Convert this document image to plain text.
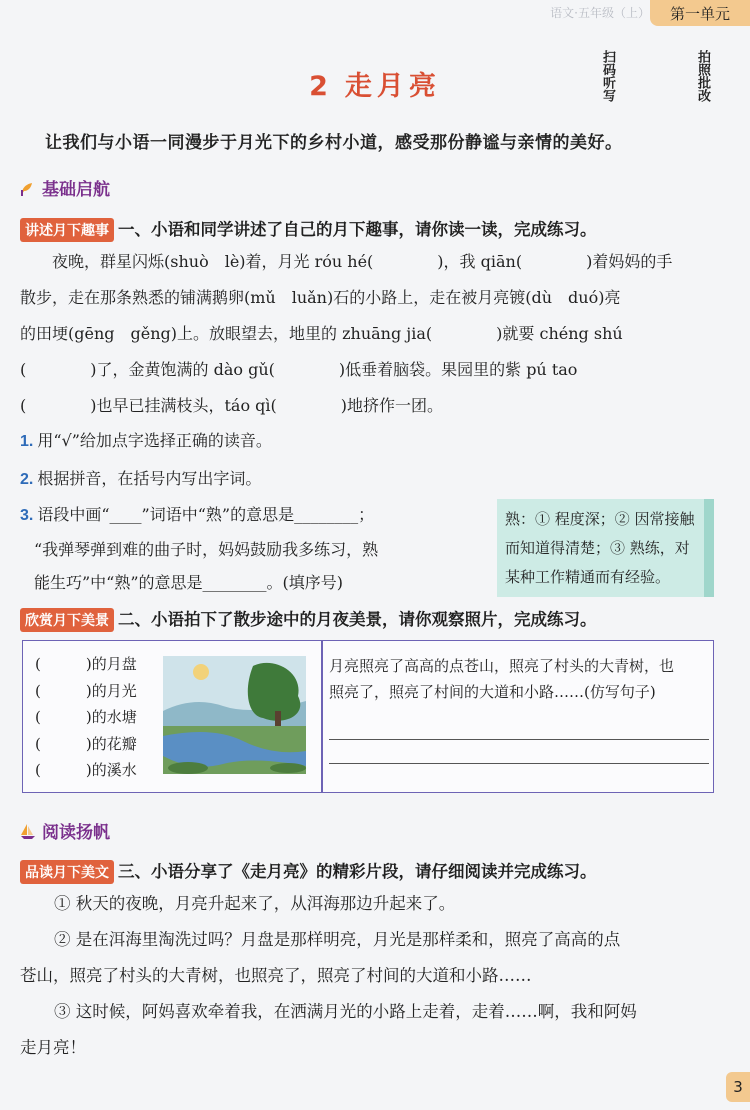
语文·五年级（上）	第一单元
扫码听写	拍照批改
2 走月亮
让我们与小语一同漫步于月光下的乡村小道，感受那份静谧与亲情的美好。
基础启航
讲述月下趣事 一、小语和同学讲述了自己的月下趣事，请你读一读，完成练习。
夜晚，群星闪烁(shuò　lè)着，月光 róu hé(　　　　)，我 qiān(　　　　)着妈妈的手
散步，走在那条熟悉的铺满鹅卵(mǔ　luǎn)石的小路上，走在被月亮镀(dù　duó)亮
的田埂(gēng　gěng)上。放眼望去，地里的 zhuāng jia(　　　　)就要 chéng shú
(　　　　)了，金黄饱满的 dào gǔ(　　　　)低垂着脑袋。果园里的紫 pú tao
(　　　　)也早已挂满枝头，táo qì(　　　　)地挤作一团。
1. 用“√”给加点字选择正确的读音。
2. 根据拼音，在括号内写出字词。
3. 语段中画“____”词语中“熟”的意思是________；
“我弹琴弹到难的曲子时，妈妈鼓励我多练习，熟
能生巧”中“熟”的意思是________。(填序号)
熟：① 程度深；② 因常接触而知道得清楚；③ 熟练，对某种工作精通而有经验。
欣赏月下美景 二、小语拍下了散步途中的月夜美景，请你观察照片，完成练习。
(　　　)的月盘
(　　　)的月光
(　　　)的水塘
(　　　)的花瓣
(　　　)的溪水
月亮照亮了高高的点苍山，照亮了村头的大青树，也
照亮了，照亮了村间的大道和小路……(仿写句子)
阅读扬帆
品读月下美文 三、小语分享了《走月亮》的精彩片段，请仔细阅读并完成练习。
① 秋天的夜晚，月亮升起来了，从洱海那边升起来了。
② 是在洱海里淘洗过吗？月盘是那样明亮，月光是那样柔和，照亮了高高的点
苍山，照亮了村头的大青树，也照亮了，照亮了村间的大道和小路……
③ 这时候，阿妈喜欢牵着我，在洒满月光的小路上走着，走着……啊，我和阿妈
走月亮！
3
